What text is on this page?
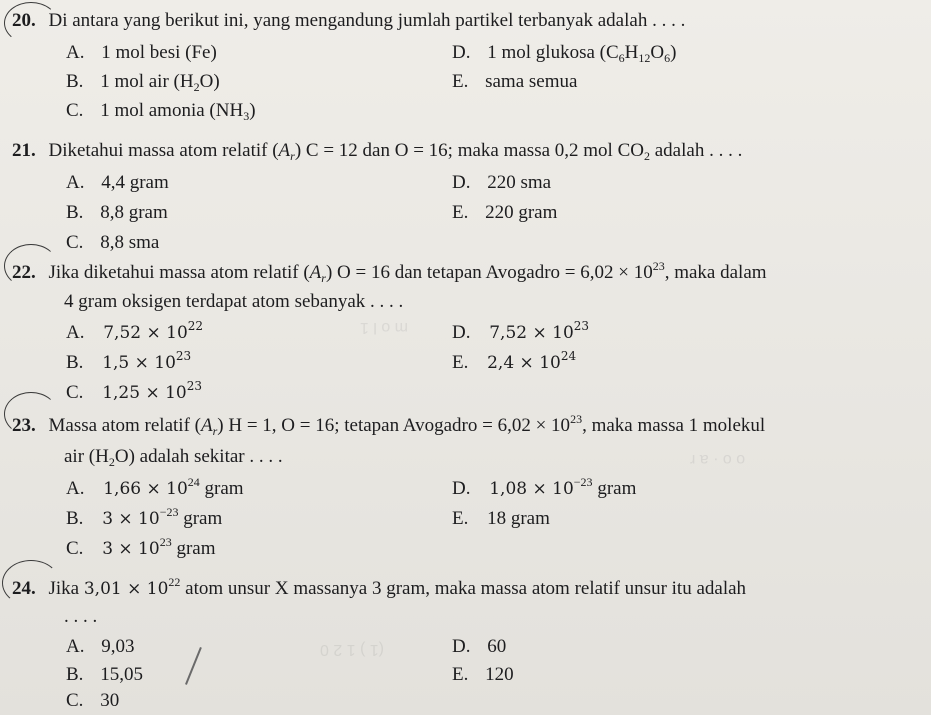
m o l 1
o o · a r
(1 ) 1 2 0
20. Di antara yang berikut ini, yang mengandung jumlah partikel terbanyak adalah . . . .
A. 1 mol besi (Fe)
B. 1 mol air $(H_2O)$
C. 1 mol amonia $(NH_3)$
D. 1 mol glukosa $(C_6H_{12}O_6)$
E. sama semua
21. Diketahui massa atom relatif $(A_r) C = 12$ dan O = 16; maka massa 0,2 mol $CO_2$ adalah . . . .
A. 4,4 gram
B. 8,8 gram
C. 8,8 sma
D. 220 sma
E. 220 gram
22. Jika diketahui massa atom relatif $(A_r) O = 16$ dan tetapan Avogadro = $6,02 \times 10^{23}$, maka dalam
4 gram oksigen terdapat atom sebanyak . . . .
A. $7,52 \times 10^{22}$
B. $1,5 \times 10^{23}$
C. $1,25 \times 10^{23}$
D. $7,52 \times 10^{23}$
E. $2,4 \times 10^{24}$
23. Massa atom relatif $(A_r) H = 1$, O = 16; tetapan Avogadro = $6,02 \times 10^{23}$, maka massa 1 molekul
air $(H_2O)$ adalah sekitar . . . .
A. $1,66 \times 10^{24}$ gram
B. $3 \times 10^{-23}$ gram
C. $3 \times 10^{23}$ gram
D. $1,08 \times 10^{-23}$ gram
E. 18 gram
24. Jika $3,01 \times 10^{22}$ atom unsur X massanya 3 gram, maka massa atom relatif unsur itu adalah
. . . .
A. 9,03
B. 15,05
C. 30
D. 60
E. 120
